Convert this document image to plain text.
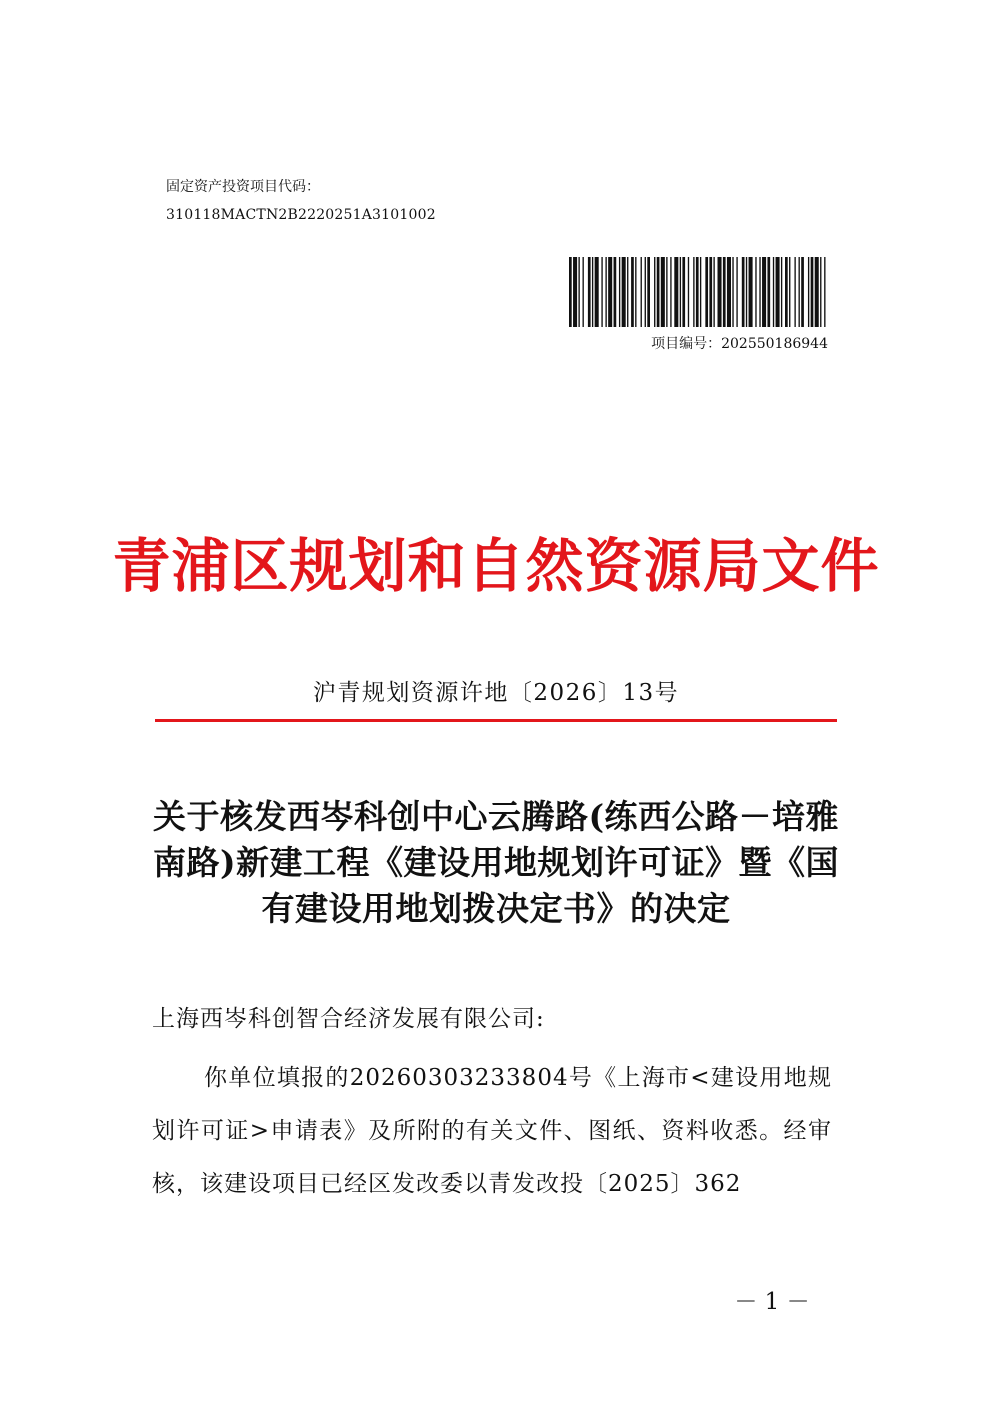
固定资产投资项目代码：
310118MACTN2B2220251A3101002
项目编号：202550186944
青浦区规划和自然资源局文件
沪青规划资源许地〔2026〕13号
关于核发西岑科创中心云腾路(练西公路－培雅南路)新建工程《建设用地规划许可证》暨《国有建设用地划拨决定书》的决定
上海西岑科创智合经济发展有限公司:

你单位填报的20260303233804号《上海市<建设用地规划许可证>申请表》及所附的有关文件、图纸、资料收悉。经审核，该建设项目已经区发改委以青发改投〔2025〕362

－ 1 －
